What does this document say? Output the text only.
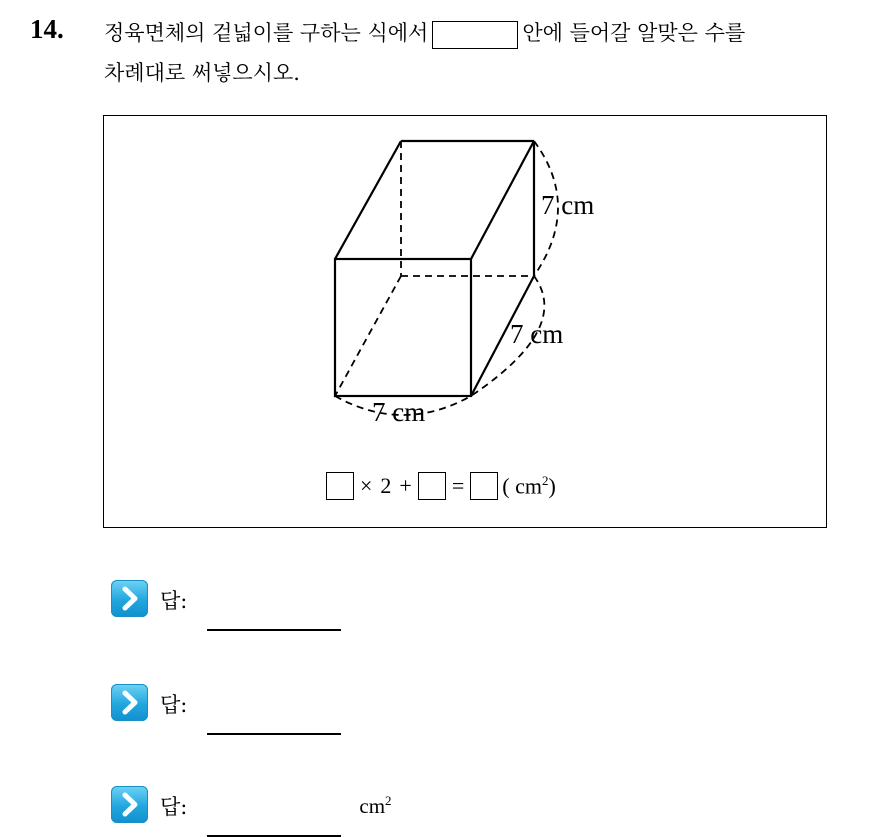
14. 정육면체의 겉넓이를 구하는 식에서	안에 들어갈 알맞은 수를
차례대로 써넣으시오.
7 cm
7 cm
7 cm
× 2 + = ( $cm^2$)
답:
답:
답:	$cm^2$
